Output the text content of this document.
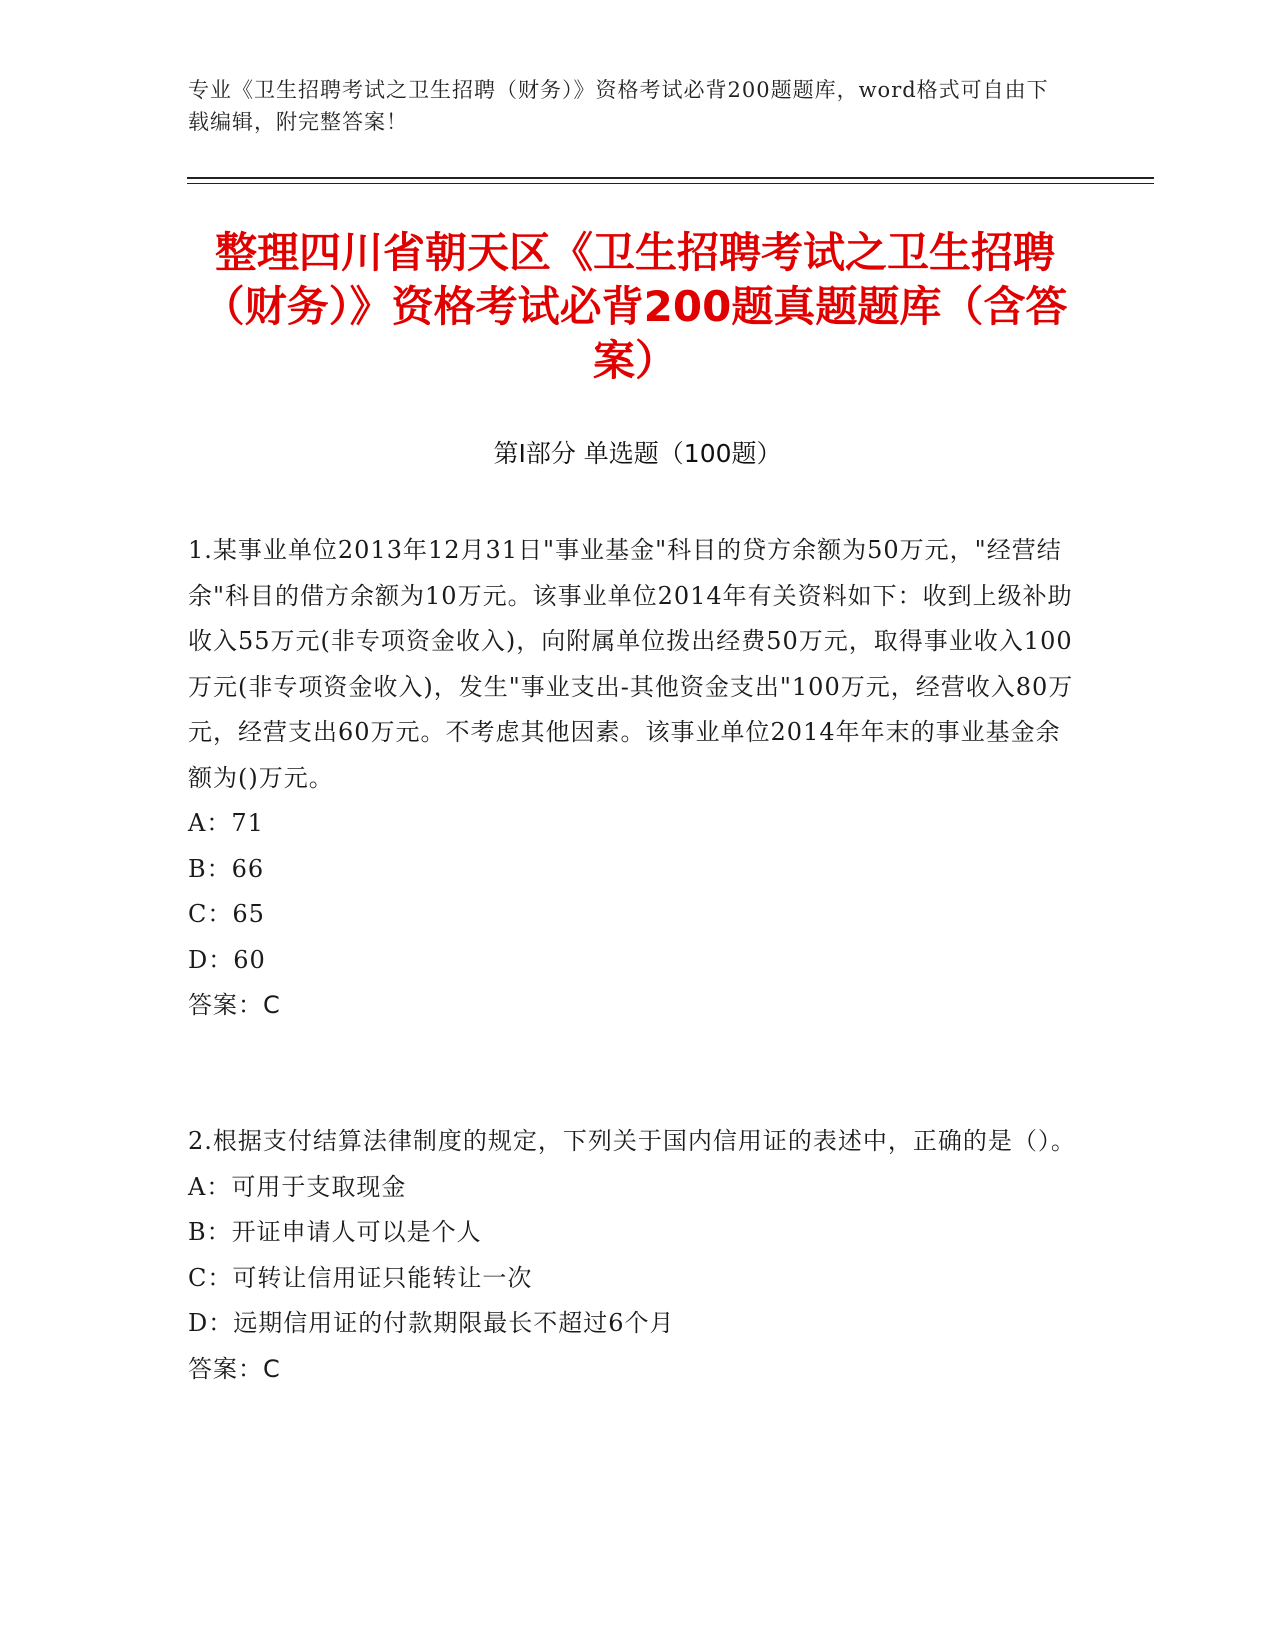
专业《卫生招聘考试之卫生招聘（财务）》资格考试必背200题题库，word格式可自由下载编辑，附完整答案！
整理四川省朝天区《卫生招聘考试之卫生招聘（财务）》资格考试必背200题真题题库（含答案）
第I部分 单选题（100题）

1.某事业单位2013年12月31日"事业基金"科目的贷方余额为50万元，"经营结余"科目的借方余额为10万元。该事业单位2014年有关资料如下：收到上级补助收入55万元(非专项资金收入)，向附属单位拨出经费50万元，取得事业收入100万元(非专项资金收入)，发生"事业支出-其他资金支出"100万元，经营收入80万元，经营支出60万元。不考虑其他因素。该事业单位2014年年末的事业基金余额为()万元。

A：71

B：66

C：65

D：60

答案：C

2.根据支付结算法律制度的规定，下列关于国内信用证的表述中，正确的是（）。

A：可用于支取现金

B：开证申请人可以是个人

C：可转让信用证只能转让一次

D：远期信用证的付款期限最长不超过6个月

答案：C
